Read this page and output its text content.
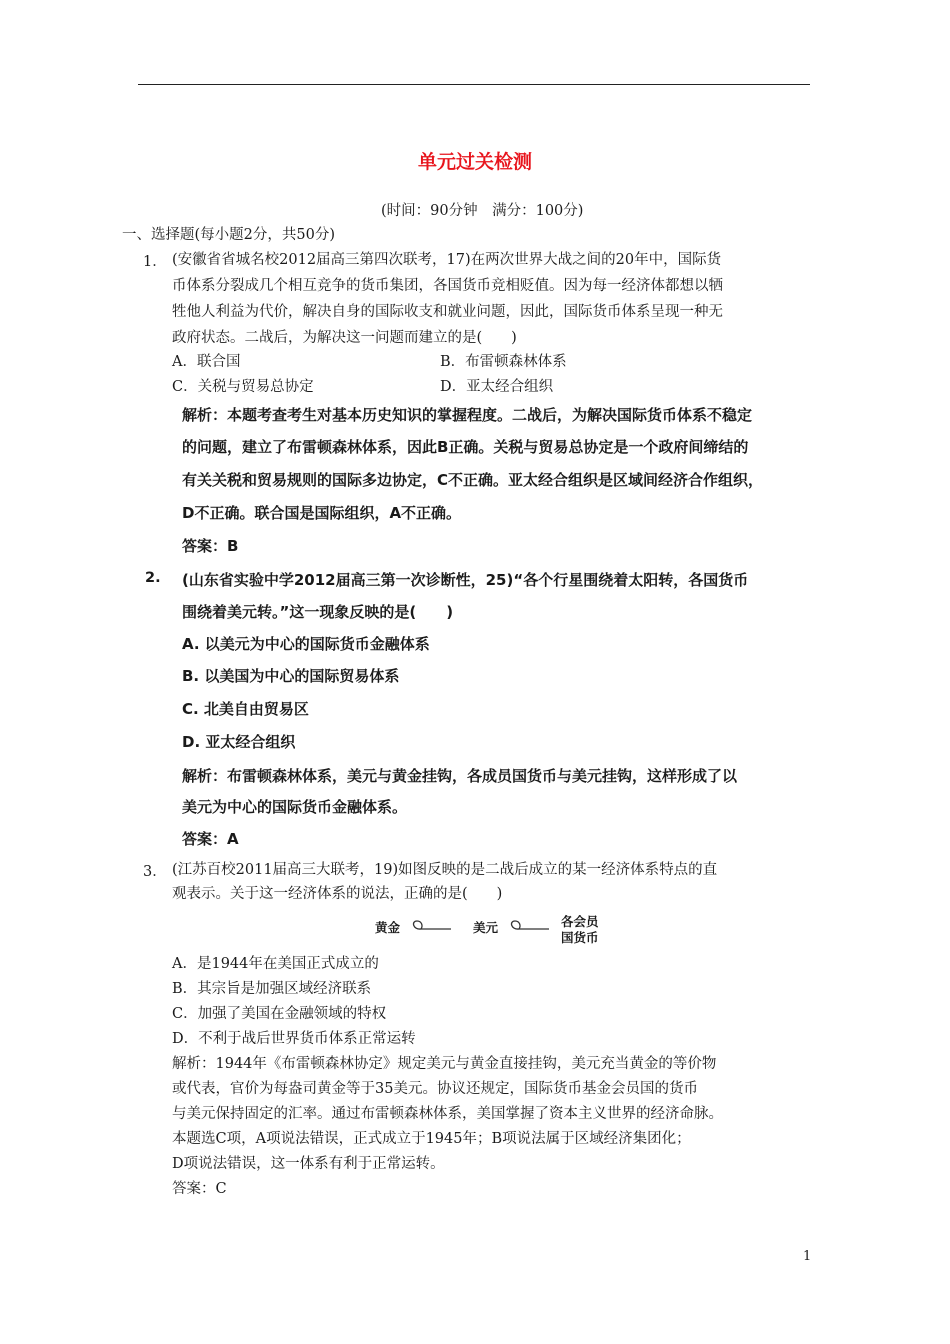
单元过关检测
(时间：90分钟　满分：100分)
一、选择题(每小题2分，共50分)
1． (安徽省省城名校2012届高三第四次联考，17)在两次世界大战之间的20年中，国际货
币体系分裂成几个相互竞争的货币集团，各国货币竞相贬值。因为每一经济体都想以牺
牲他人利益为代价，解决自身的国际收支和就业问题，因此，国际货币体系呈现一种无
政府状态。二战后，为解决这一问题而建立的是(　　)
A．联合国	B．布雷顿森林体系
C．关税与贸易总协定	D．亚太经合组织
解析：本题考查考生对基本历史知识的掌握程度。二战后，为解决国际货币体系不稳定
的问题，建立了布雷顿森林体系，因此B正确。关税与贸易总协定是一个政府间缔结的
有关关税和贸易规则的国际多边协定，C不正确。亚太经合组织是区域间经济合作组织，
D不正确。联合国是国际组织，A不正确。
答案：B
2. (山东省实验中学2012届高三第一次诊断性，25)“各个行星围绕着太阳转，各国货币
围绕着美元转。”这一现象反映的是(　　)
A. 以美元为中心的国际货币金融体系
B. 以美国为中心的国际贸易体系
C. 北美自由贸易区
D. 亚太经合组织
解析：布雷顿森林体系，美元与黄金挂钩，各成员国货币与美元挂钩，这样形成了以
美元为中心的国际货币金融体系。
答案：A
3． (江苏百校2011届高三大联考，19)如图反映的是二战后成立的某一经济体系特点的直
观表示。关于这一经济体系的说法，正确的是(　　)
黄金	美元	各会员
国货币
A．是1944年在美国正式成立的
B．其宗旨是加强区域经济联系
C．加强了美国在金融领域的特权
D．不利于战后世界货币体系正常运转
解析：1944年《布雷顿森林协定》规定美元与黄金直接挂钩，美元充当黄金的等价物
或代表，官价为每盎司黄金等于35美元。协议还规定，国际货币基金会员国的货币
与美元保持固定的汇率。通过布雷顿森林体系，美国掌握了资本主义世界的经济命脉。
本题选C项，A项说法错误，正式成立于1945年；B项说法属于区域经济集团化；
D项说法错误，这一体系有利于正常运转。
答案：C
1
